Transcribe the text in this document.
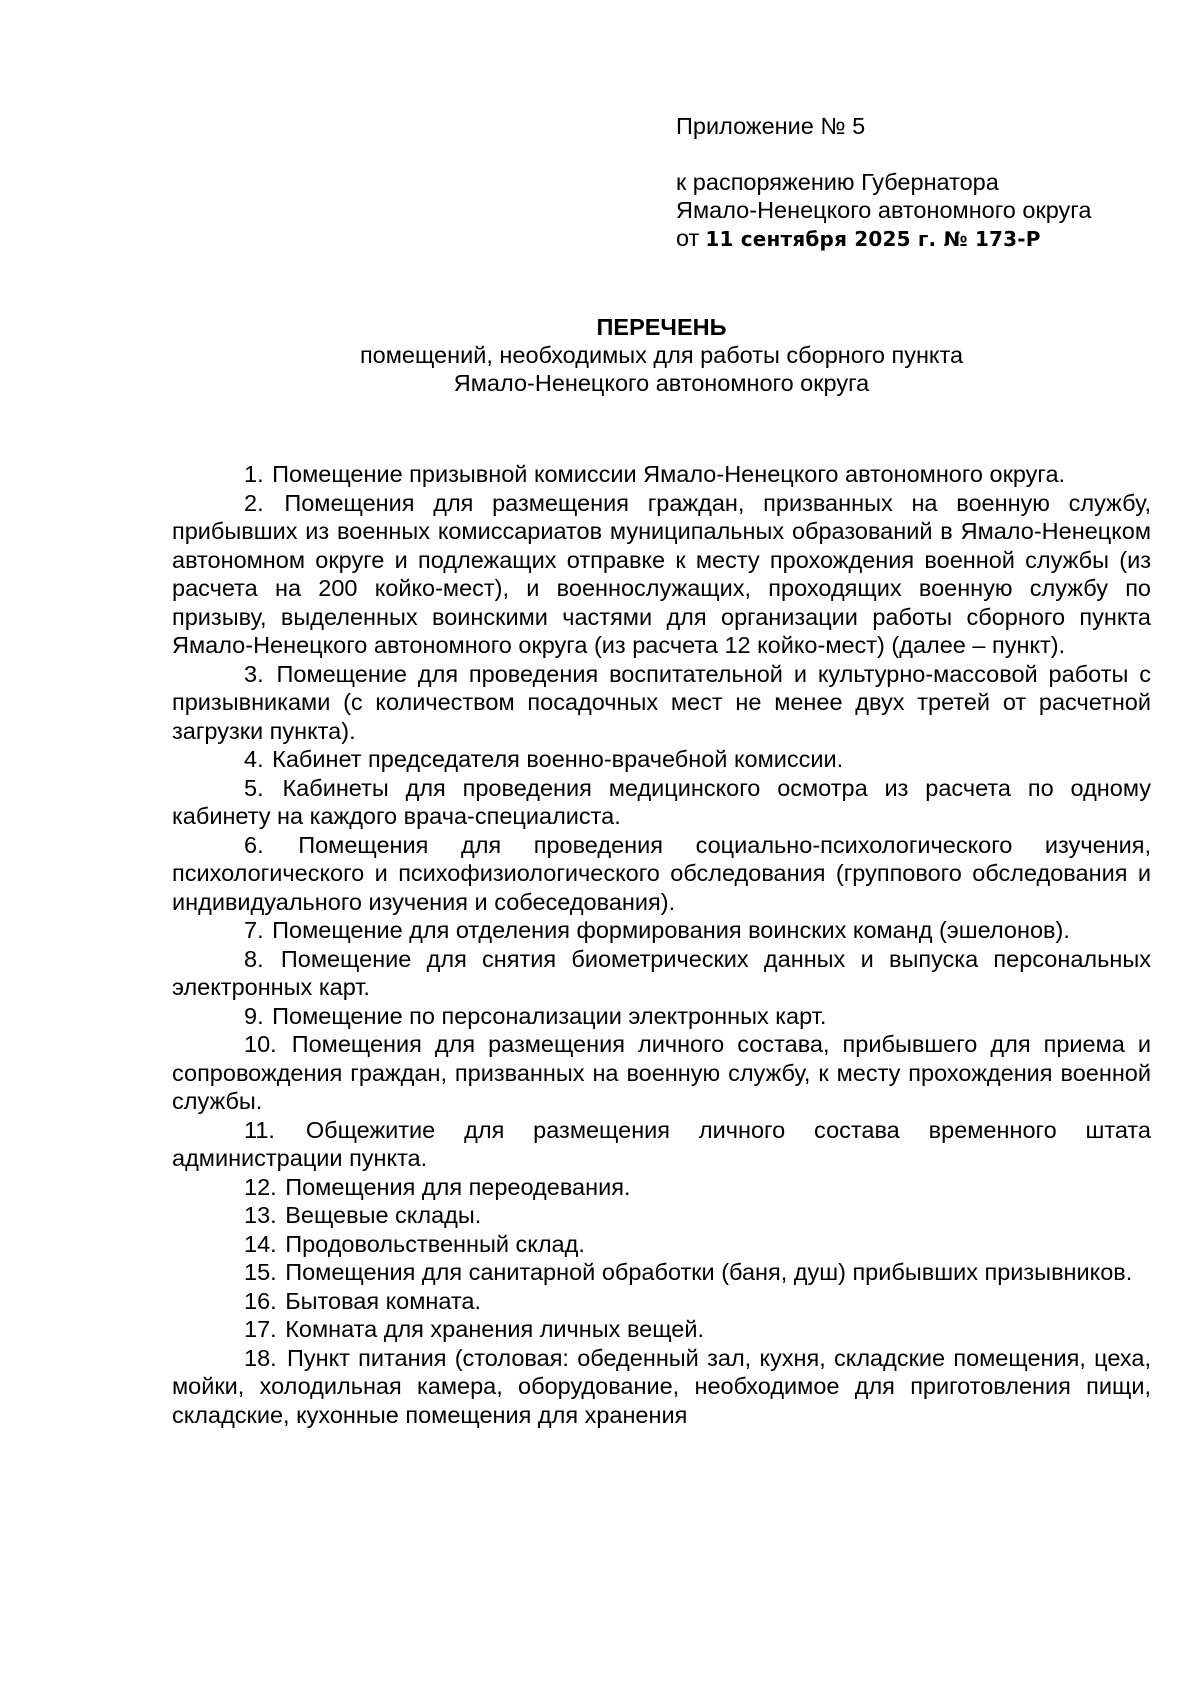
Приложение № 5
к распоряжению Губернатора
Ямало-Ненецкого автономного округа
от 11 сентября 2025 г. № 173-Р
ПЕРЕЧЕНЬ
помещений, необходимых для работы сборного пункта
Ямало-Ненецкого автономного округа

1. Помещение призывной комиссии Ямало-Ненецкого автономного округа.

2. Помещения для размещения граждан, призванных на военную службу, прибывших из военных комиссариатов муниципальных образований в Ямало-Ненецком автономном округе и подлежащих отправке к месту прохождения военной службы (из расчета на 200 койко-мест), и военнослужащих, проходящих военную службу по призыву, выделенных воинскими частями для организации работы сборного пункта Ямало-Ненецкого автономного округа (из расчета 12 койко-мест) (далее – пункт).

3. Помещение для проведения воспитательной и культурно-массовой работы с призывниками (с количеством посадочных мест не менее двух третей от расчетной загрузки пункта).

4. Кабинет председателя военно-врачебной комиссии.

5. Кабинеты для проведения медицинского осмотра из расчета по одному кабинету на каждого врача-специалиста.

6. Помещения для проведения социально-психологического изучения, психологического и психофизиологического обследования (группового обследования и индивидуального изучения и собеседования).

7. Помещение для отделения формирования воинских команд (эшелонов).

8. Помещение для снятия биометрических данных и выпуска персональных электронных карт.

9. Помещение по персонализации электронных карт.

10. Помещения для размещения личного состава, прибывшего для приема и сопровождения граждан, призванных на военную службу, к месту прохождения военной службы.

11. Общежитие для размещения личного состава временного штата администрации пункта.

12. Помещения для переодевания.

13. Вещевые склады.

14. Продовольственный склад.

15. Помещения для санитарной обработки (баня, душ) прибывших призывников.

16. Бытовая комната.

17. Комната для хранения личных вещей.

18. Пункт питания (столовая: обеденный зал, кухня, складские помещения, цеха, мойки, холодильная камера, оборудование, необходимое для приготовления пищи, складские, кухонные помещения для хранения
